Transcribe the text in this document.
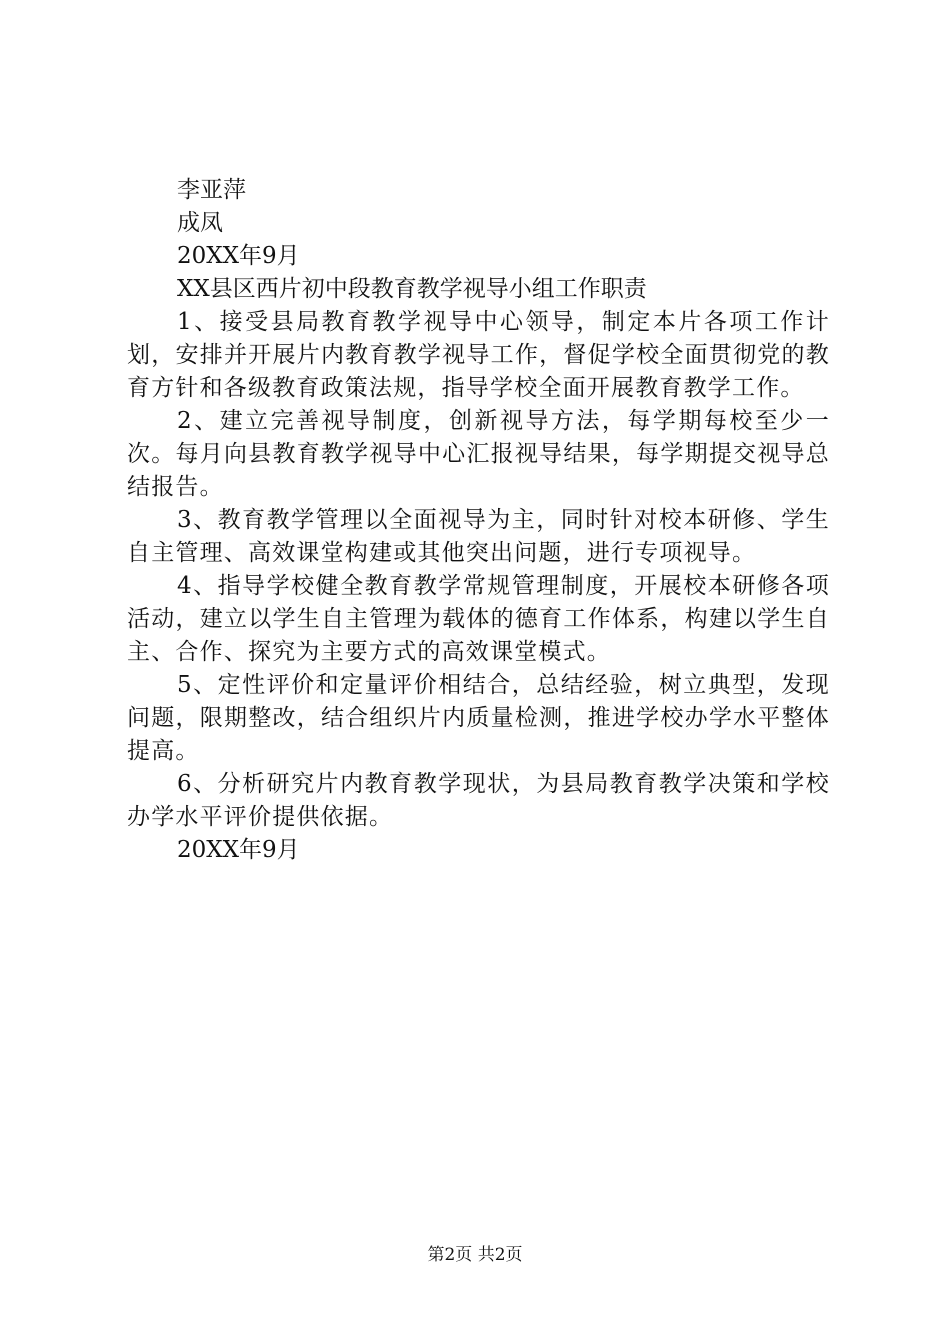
李亚萍

成凤

20XX年9月

XX县区西片初中段教育教学视导小组工作职责

1、接受县局教育教学视导中心领导，制定本片各项工作计划，安排并开展片内教育教学视导工作，督促学校全面贯彻党的教育方针和各级教育政策法规，指导学校全面开展教育教学工作。

2、建立完善视导制度，创新视导方法，每学期每校至少一次。每月向县教育教学视导中心汇报视导结果，每学期提交视导总结报告。

3、教育教学管理以全面视导为主，同时针对校本研修、学生自主管理、高效课堂构建或其他突出问题，进行专项视导。

4、指导学校健全教育教学常规管理制度，开展校本研修各项活动，建立以学生自主管理为载体的德育工作体系，构建以学生自主、合作、探究为主要方式的高效课堂模式。

5、定性评价和定量评价相结合，总结经验，树立典型，发现问题，限期整改，结合组织片内质量检测，推进学校办学水平整体提高。

6、分析研究片内教育教学现状，为县局教育教学决策和学校办学水平评价提供依据。

20XX年9月

第2页 共2页
